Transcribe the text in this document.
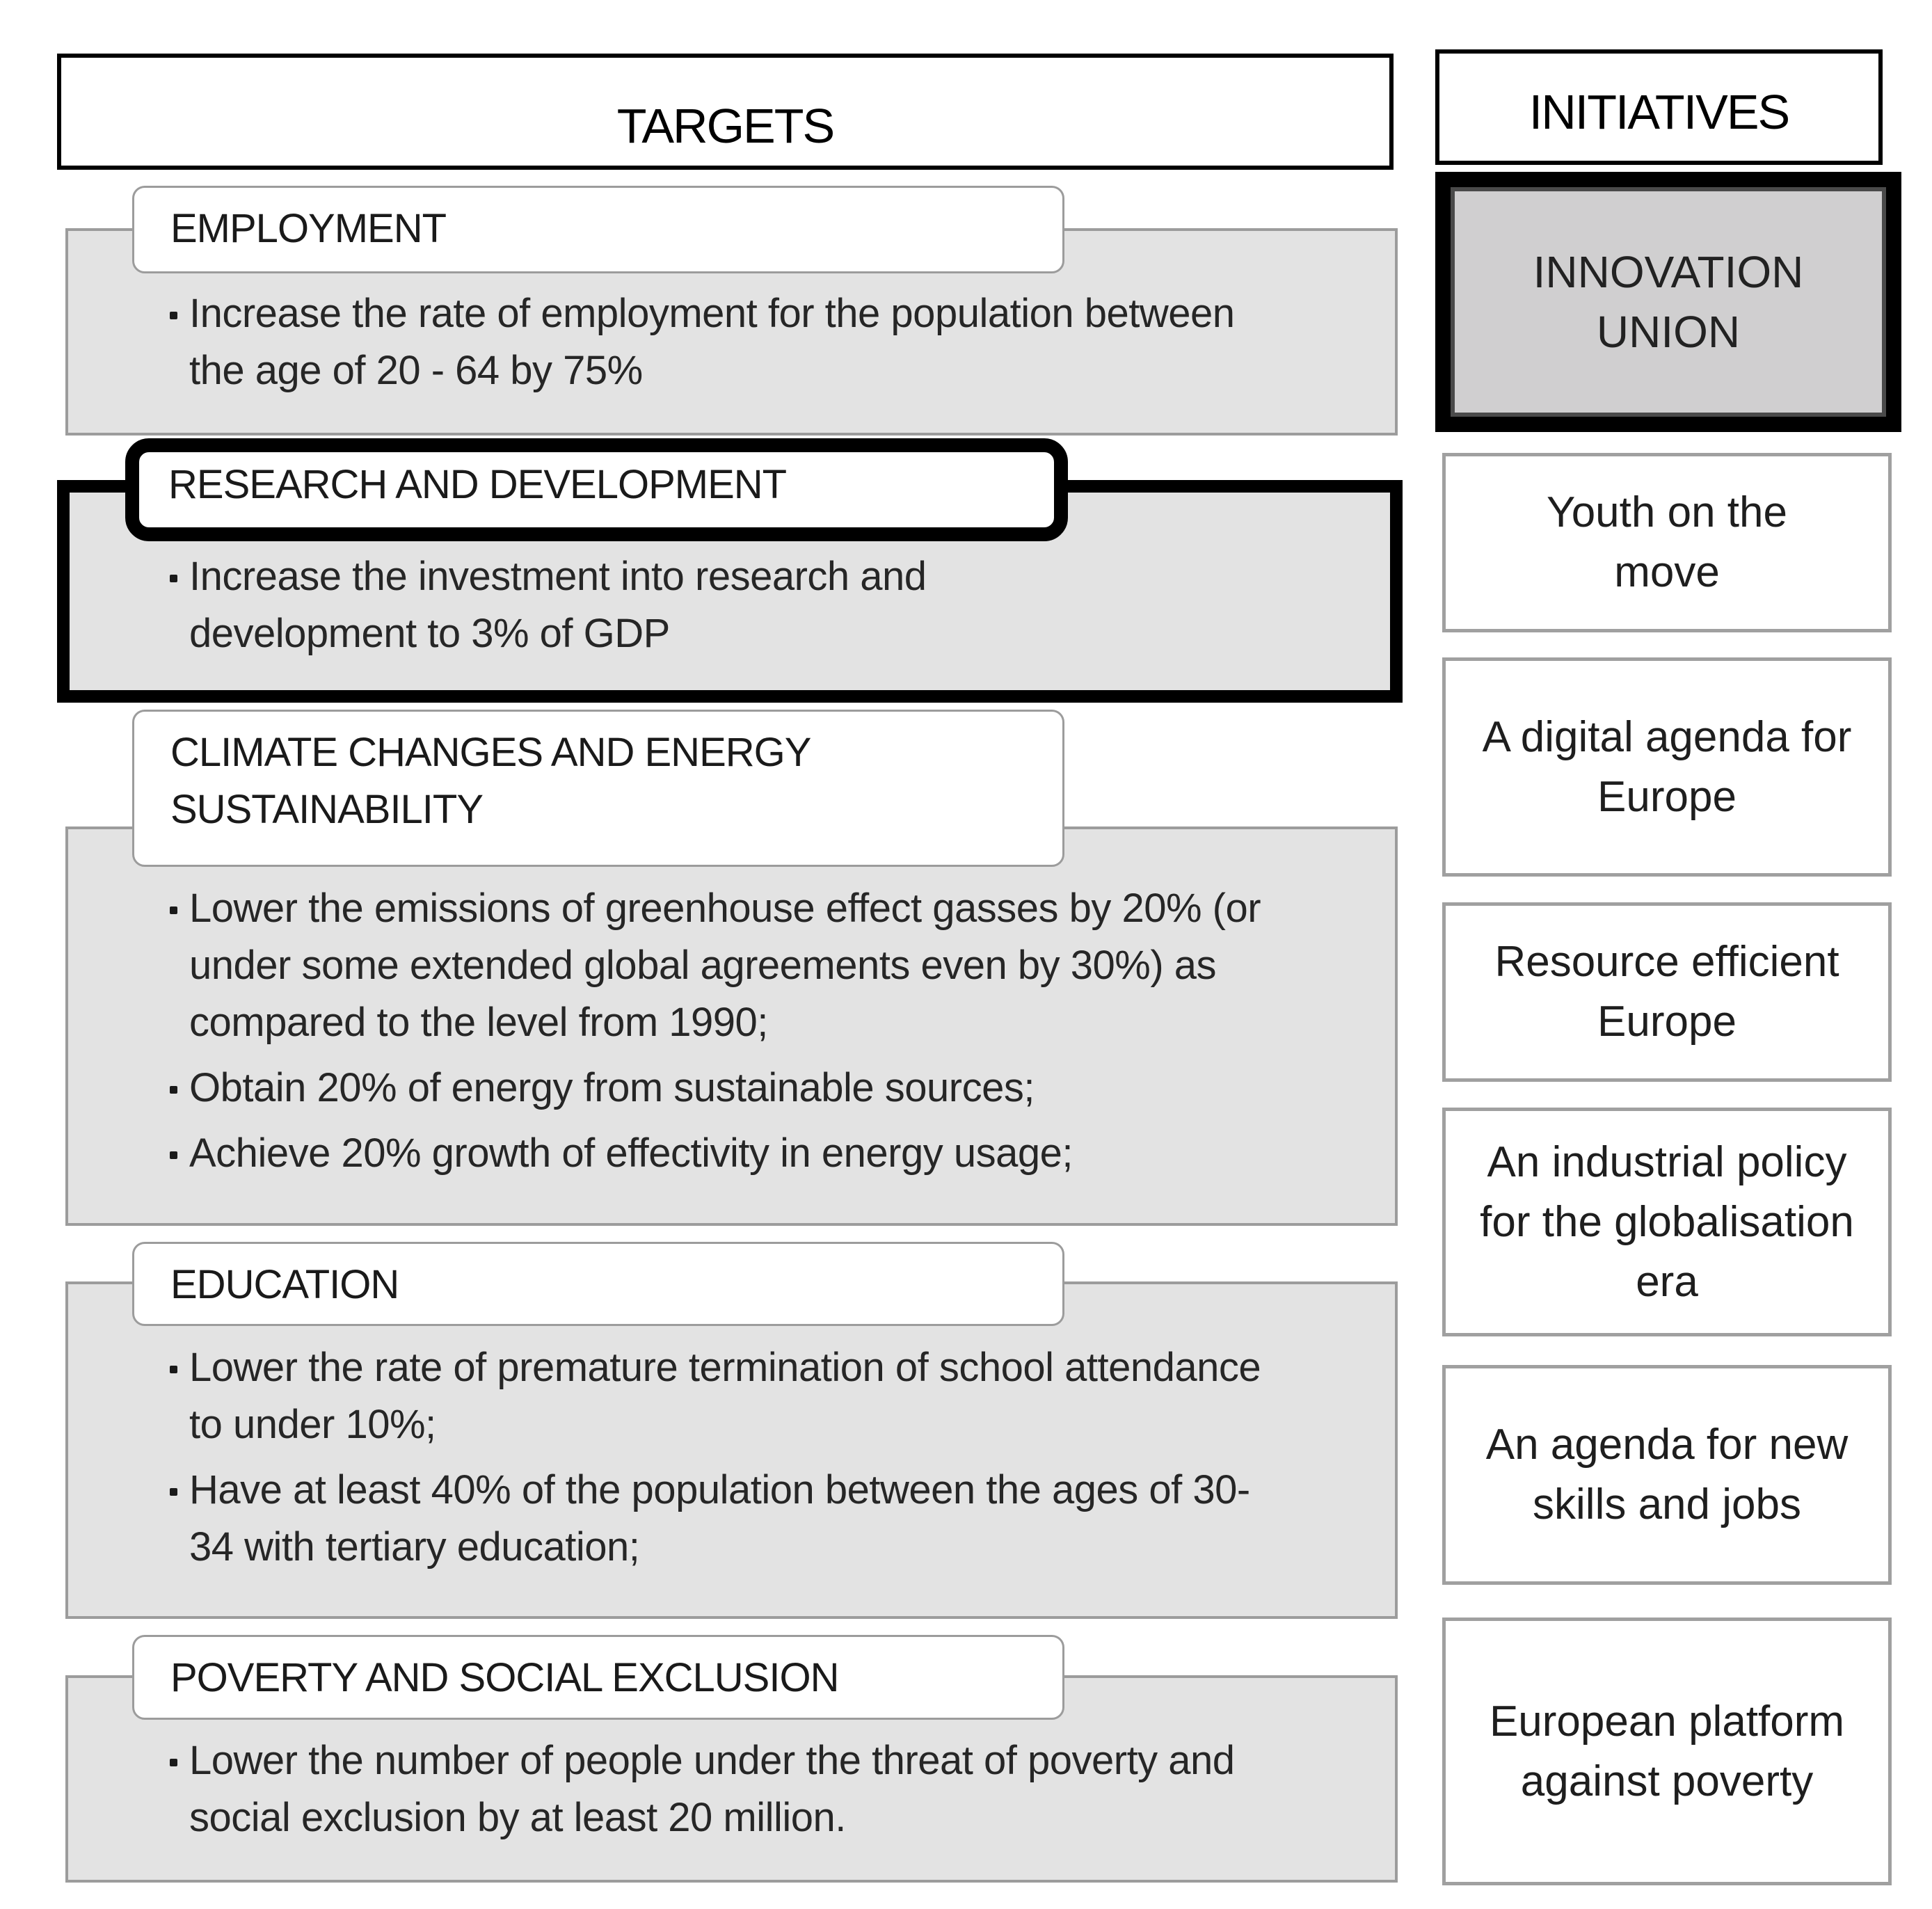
TARGETS	INITIATIVES
Increase the rate of employment for the population between the age of 20 - 64 by 75%
EMPLOYMENT
Increase the investment into research and development to 3% of GDP
RESEARCH AND DEVELOPMENT
Lower the emissions of greenhouse effect gasses by 20% (or under some extended global agreements even by 30%) as compared to the level from 1990;
Obtain 20% of energy from sustainable sources;
Achieve 20% growth of effectivity in energy usage;
CLIMATE CHANGES AND ENERGY SUSTAINABILITY
Lower the rate of premature termination of school attendance to under 10%;
Have at least 40% of the population between the ages of 30-34 with tertiary education;
EDUCATION
Lower the number of people under the threat of poverty and social exclusion by at least 20 million.
POVERTY AND SOCIAL EXCLUSION
INNOVATION UNION
Youth on the move
A digital agenda for Europe
Resource efficient Europe
An industrial policy for the globalisation era
An agenda for new skills and jobs
European platform against poverty
